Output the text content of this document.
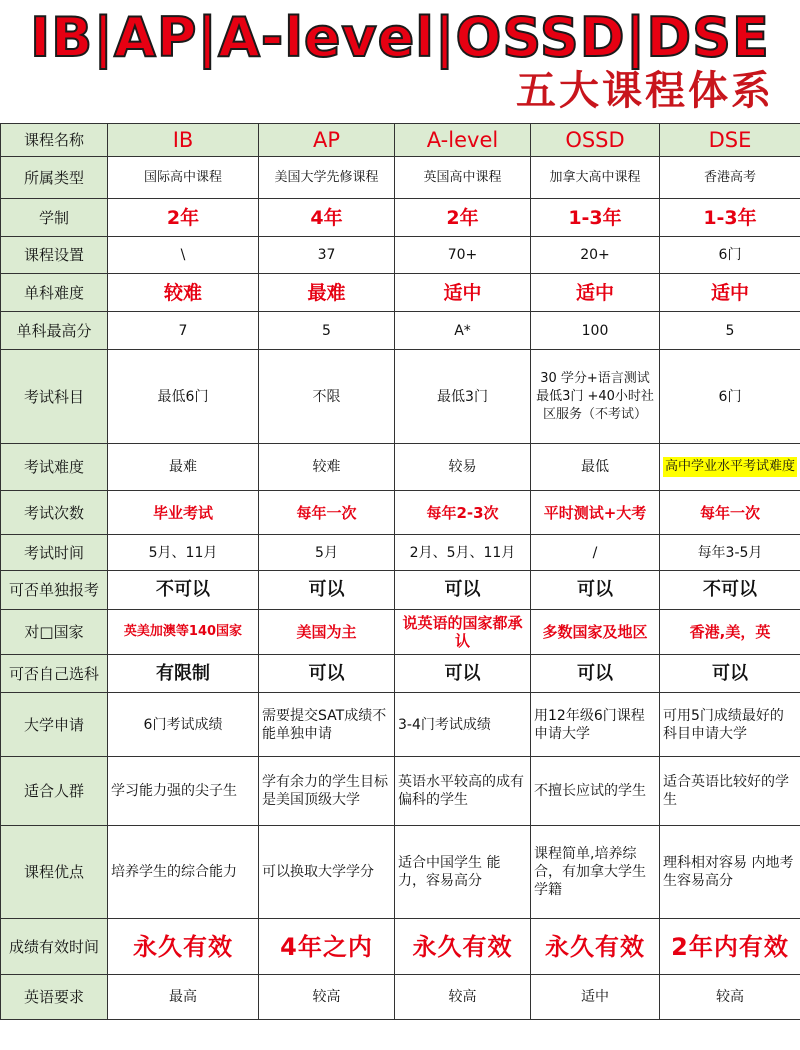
IB|AP|A-level|OSSD|DSE
五大课程体系
课程名称	IB	AP	A-level	OSSD	DSE
所属类型	国际高中课程	美国大学先修课程	英国高中课程	加拿大高中课程	香港高考
学制	2年	4年	2年	1-3年	1-3年
课程设置	\	37	70+	20+	6门
单科难度	较难	最难	适中	适中	适中
单科最高分	7	5	A*	100	5
考试科目	最低6门	不限	最低3门	30 学分+语言测试 最低3门 +40小时社区服务（不考试）	6门
考试难度	最难	较难	较易	最低	高中学业水平考试难度
考试次数	毕业考试	每年一次	每年2-3次	平时测试+大考	每年一次
考试时间	5月、11月	5月	2月、5月、11月	/	每年3-5月
可否单独报考	不可以	可以	可以	可以	不可以
对□国家	英美加澳等140国家	美国为主	说英语的国家都承认	多数国家及地区	香港,美，英
可否自己选科	有限制	可以	可以	可以	可以
大学申请	6门考试成绩	需要提交SAT成绩不能单独申请	3-4门考试成绩	用12年级6门课程申请大学	可用5门成绩最好的科目申请大学
适合人群	学习能力强的尖子生	学有余力的学生目标是美国顶级大学	英语水平较高的成有偏科的学生	不擅长应试的学生	适合英语比较好的学生
课程优点	培养学生的综合能力	可以换取大学学分	适合中国学生 能力，容易高分	课程简单,培养综合，有加拿大学生学籍	理科相对容易 内地考生容易高分
成绩有效时间	永久有效	4年之内	永久有效	永久有效	2年内有效
英语要求	最高	较高	较高	适中	较高
